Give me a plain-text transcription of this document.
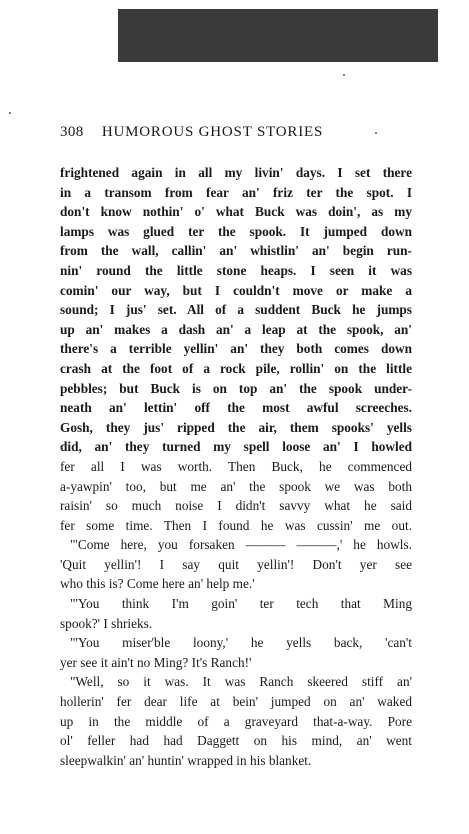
308 HUMOROUS GHOST STORIES
frightened again in all my livin' days. I set there
in a transom from fear an' friz ter the spot. I
don't know nothin' o' what Buck was doin', as my
lamps was glued ter the spook. It jumped down
from the wall, callin' an' whistlin' an' begin run-
nin' round the little stone heaps. I seen it was
comin' our way, but I couldn't move or make a
sound; I jus' set. All of a suddent Buck he jumps
up an' makes a dash an' a leap at the spook, an'
there's a terrible yellin' an' they both comes down
crash at the foot of a rock pile, rollin' on the little
pebbles; but Buck is on top an' the spook under-
neath an' lettin' off the most awful screeches.
Gosh, they jus' ripped the air, them spooks' yells
did, an' they turned my spell loose an' I howled
fer all I was worth. Then Buck, he commenced
a-yawpin' too, but me an' the spook we was both
raisin' so much noise I didn't savvy what he said
fer some time. Then I found he was cussin' me out.
"'Come here, you forsaken ——— ———,' he howls.
'Quit yellin'! I say quit yellin'! Don't yer see
who this is? Come here an' help me.'
"'You think I'm goin' ter tech that Ming
spook?' I shrieks.
"'You miser'ble loony,' he yells back, 'can't
yer see it ain't no Ming? It's Ranch!'
"Well, so it was. It was Ranch skeered stiff an'
hollerin' fer dear life at bein' jumped on an' waked
up in the middle of a graveyard that-a-way. Pore
ol' feller had had Daggett on his mind, an' went
sleepwalkin' an' huntin' wrapped in his blanket.
